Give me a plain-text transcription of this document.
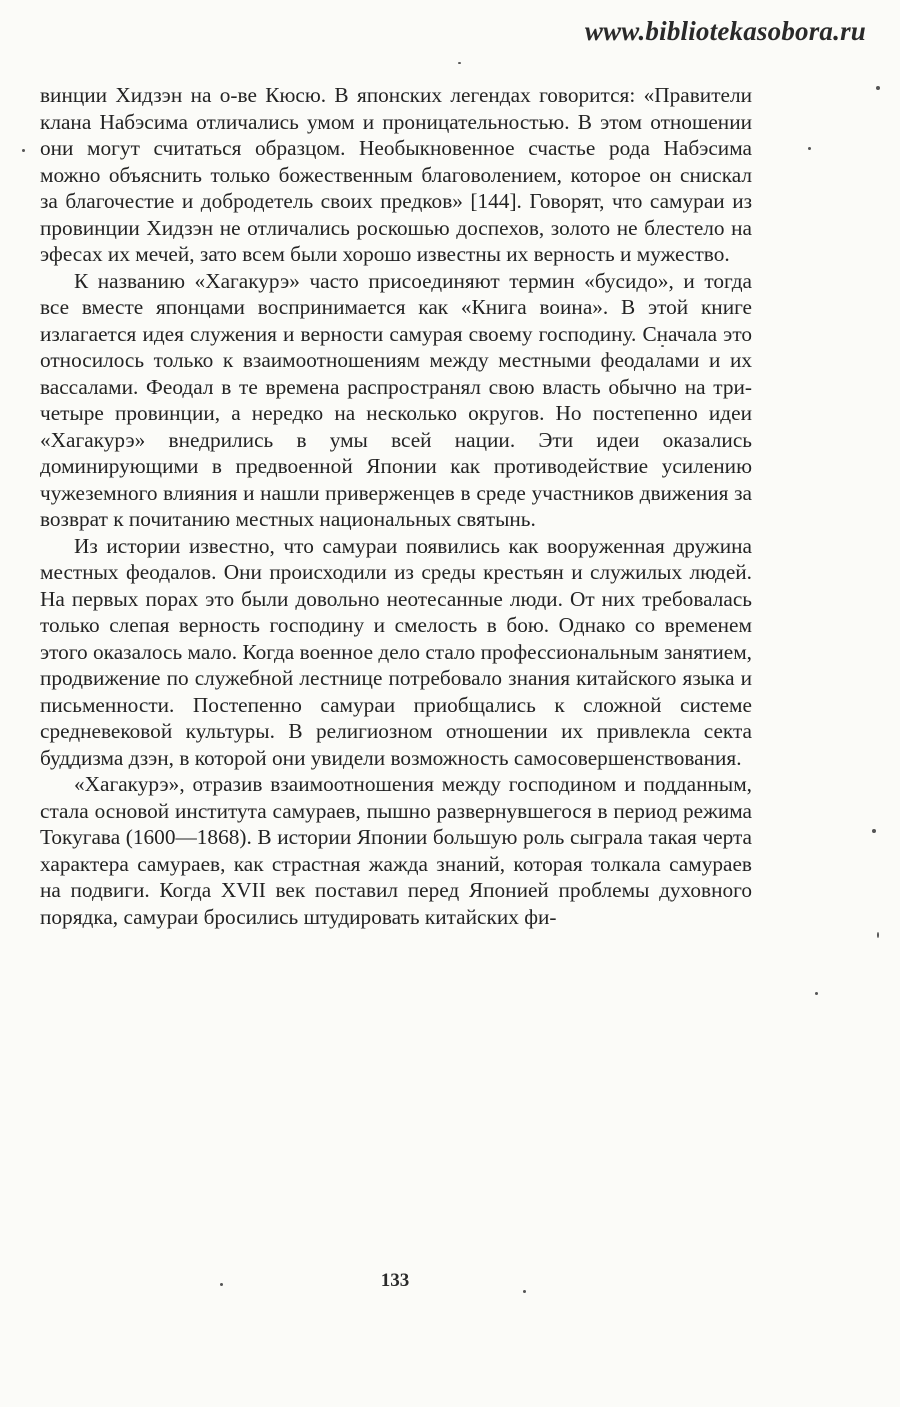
www.bibliotekasobora.ru

винции Хидзэн на о-ве Кюсю. В японских легендах говорится: «Правители клана Набэсима отличались умом и проницательностью. В этом отношении они могут считаться образцом. Необыкновенное счастье рода Набэсима можно объяснить только божественным благоволением, которое он снискал за благочестие и добродетель своих предков» [144]. Говорят, что самураи из провинции Хидзэн не отличались роскошью доспехов, золото не блестело на эфесах их мечей, зато всем были хорошо известны их верность и мужество.

К названию «Хагакурэ» часто присоединяют термин «бусидо», и тогда все вместе японцами воспринимается как «Книга воина». В этой книге излагается идея служения и верности самурая своему господину. Сначала это относилось только к взаимоотношениям между местными феодалами и их вассалами. Феодал в те времена распространял свою власть обычно на три-четыре провинции, а нередко на несколько округов. Но постепенно идеи «Хагакурэ» внедрились в умы всей нации. Эти идеи оказались доминирующими в предвоенной Японии как противодействие усилению чужеземного влияния и нашли приверженцев в среде участников движения за возврат к почитанию местных национальных святынь.

Из истории известно, что самураи появились как вооруженная дружина местных феодалов. Они происходили из среды крестьян и служилых людей. На первых порах это были довольно неотесанные люди. От них требовалась только слепая верность господину и смелость в бою. Однако со временем этого оказалось мало. Когда военное дело стало профессиональным занятием, продвижение по служебной лестнице потребовало знания китайского языка и письменности. Постепенно самураи приобщались к сложной системе средневековой культуры. В религиозном отношении их привлекла секта буддизма дзэн, в которой они увидели возможность самосовершенствования.

«Хагакурэ», отразив взаимоотношения между господином и подданным, стала основой института самураев, пышно развернувшегося в период режима Токугава (1600—1868). В истории Японии большую роль сыграла такая черта характера самураев, как страстная жажда знаний, которая толкала самураев на подвиги. Когда XVII век поставил перед Японией проблемы духовного порядка, самураи бросились штудировать китайских фи-

133
